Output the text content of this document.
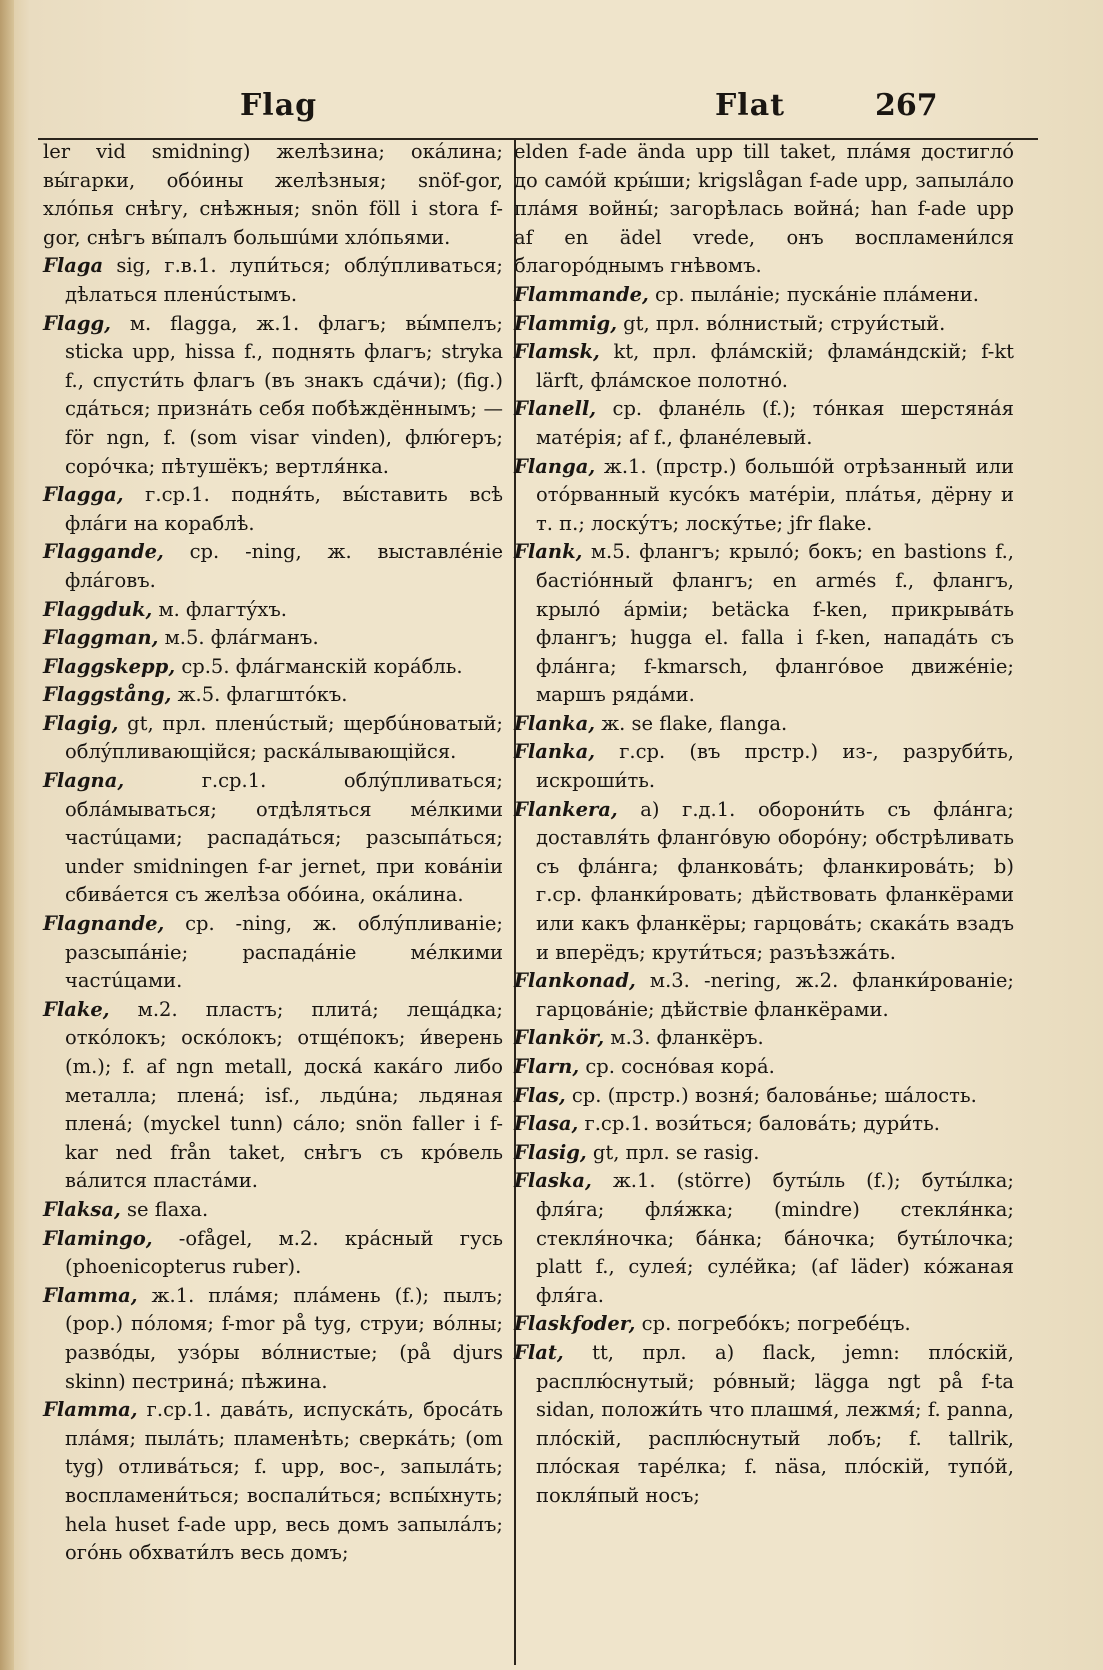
Flag	Flat	267

ler vid smidning) желѣзина; окáлина; вы́гарки, обóины желѣзныя; snöf-gor, хлóпья снѣгу, снѣжныя; snön föll i stora f-gor, снѣгъ вы́палъ большúми хлóпьями.

Flaga sig, г.в.1. лупи́ться; облýпливаться; дѣлаться пленúстымъ.

Flagg, м. flagga, ж.1. флагъ; вы́мпелъ; sticka upp, hissa f., поднять флагъ; stryka f., спусти́ть флагъ (въ знакъ сдáчи); (fig.) сдáться; признáть себя побѣждённымъ; — för ngn, f. (som visar vinden), флю́геръ; сорóчка; пѣтушёкъ; вертля́нка.

Flagga, г.ср.1. подня́ть, вы́ставить всѣ флáги на кораблѣ.

Flaggande, ср. -ning, ж. выставлéніе флáговъ.

Flaggduk, м. флагтýхъ.

Flaggman, м.5. флáгманъ.

Flaggskepp, ср.5. флáгманскій корáбль.

Flaggstång, ж.5. флагштóкъ.

Flagig, gt, прл. пленúстый; щербúноватый; облýпливающійся; раскáлывающійся.

Flagna, г.ср.1. облýпливаться; облáмываться; отдѣляться мéлкими частúцами; распадáться; разсыпáться; under smidningen f-ar jernet, при ковáніи сбивáется съ желѣза обóина, окáлина.

Flagnande, ср. -ning, ж. облýпливаніе; разсыпáніе; распадáніе мéлкими частúцами.

Flake, м.2. пластъ; плитá; лещáдка; откóлокъ; оскóлокъ; отщéпокъ; и́верень (m.); f. af ngn metall, доскá какáго либо металла; пленá; isf., льдúна; льдяная пленá; (myckel tunn) сáло; snön faller i f-kar ned från taket, снѣгъ съ крóвель вáлится пластáми.

Flaksa, se flaxa.

Flamingo, -ofågel, м.2. крáсный гусь (phoenicopterus ruber).

Flamma, ж.1. плáмя; плáмень (f.); пылъ; (pop.) пóломя; f-mor på tyg, струи; вóлны; развóды, узóры вóлнистые; (på djurs skinn) пестринá; пѣжина.

Flamma, г.ср.1. давáть, испускáть, бросáть плáмя; пылáть; пламенѣть; сверкáть; (om tyg) отливáться; f. upp, вос-, запылáть; воспламени́ться; воспали́ться; вспы́хнуть; hela huset f-ade upp, весь домъ запылáлъ; огóнь обхвати́лъ весь домъ;

elden f-ade ända upp till taket, плáмя достиглó до самóй кры́ши; krigslågan f-ade upp, запылáло плáмя войны́; загорѣлась войнá; han f-ade upp af en ädel vrede, онъ воспламени́лся благорóднымъ гнѣвомъ.

Flammande, ср. пылáніе; пускáніе плáмени.

Flammig, gt, прл. вóлнистый; струи́стый.

Flamsk, kt, прл. флáмскій; фламáндскій; f-kt lärft, флáмское полотнó.

Flanell, ср. фланéль (f.); тóнкая шерстянáя матéрія; af f., фланéлевый.

Flanga, ж.1. (прстр.) большóй отрѣзанный или отóрванный кусóкъ матéріи, плáтья, дёрну и т. п.; лоскýтъ; лоскýтье; jfr flake.

Flank, м.5. флангъ; крылó; бокъ; en bastions f., бастіóнный флангъ; en armés f., флангъ, крылó áрміи; betäcka f-ken, прикрывáть флангъ; hugga el. falla i f-ken, нападáть съ флáнга; f-kmarsch, флангóвое движéніе; маршъ рядáми.

Flanka, ж. se flake, flanga.

Flanka, г.ср. (въ прстр.) из-, разруби́ть, искроши́ть.

Flankera, a) г.д.1. оборони́ть съ флáнга; доставля́ть флангóвую оборóну; обстрѣливать съ флáнга; фланковáть; фланкировáть; b) г.ср. фланки́ровать; дѣйствовать фланкёрами или какъ фланкёры; гарцовáть; скакáть взадъ и вперёдъ; крути́ться; разъѣзжáть.

Flankonad, м.3. -nering, ж.2. фланки́рованіе; гарцовáніе; дѣйствіе фланкёрами.

Flankör, м.3. фланкёръ.

Flarn, ср. соснóвая корá.

Flas, ср. (прстр.) возня́; баловáнье; шáлость.

Flasa, г.ср.1. вози́ться; баловáть; дури́ть.

Flasig, gt, прл. se rasig.

Flaska, ж.1. (större) буты́ль (f.); буты́лка; фля́га; фля́жка; (mindre) стекля́нка; стекля́ночка; бáнка; бáночка; буты́лочка; platt f., сулея́; сулéйка; (af läder) кóжаная фля́га.

Flaskfoder, ср. погребóкъ; погребéцъ.

Flat, tt, прл. a) flack, jemn: плóскій, расплю́снутый; рóвный; lägga ngt på f-ta sidan, положи́ть что плашмя́, лежмя́; f. panna, плóскій, расплю́снутый лобъ; f. tallrik, плóская тарéлка; f. näsa, плóскій, тупóй, покля́пый носъ;
